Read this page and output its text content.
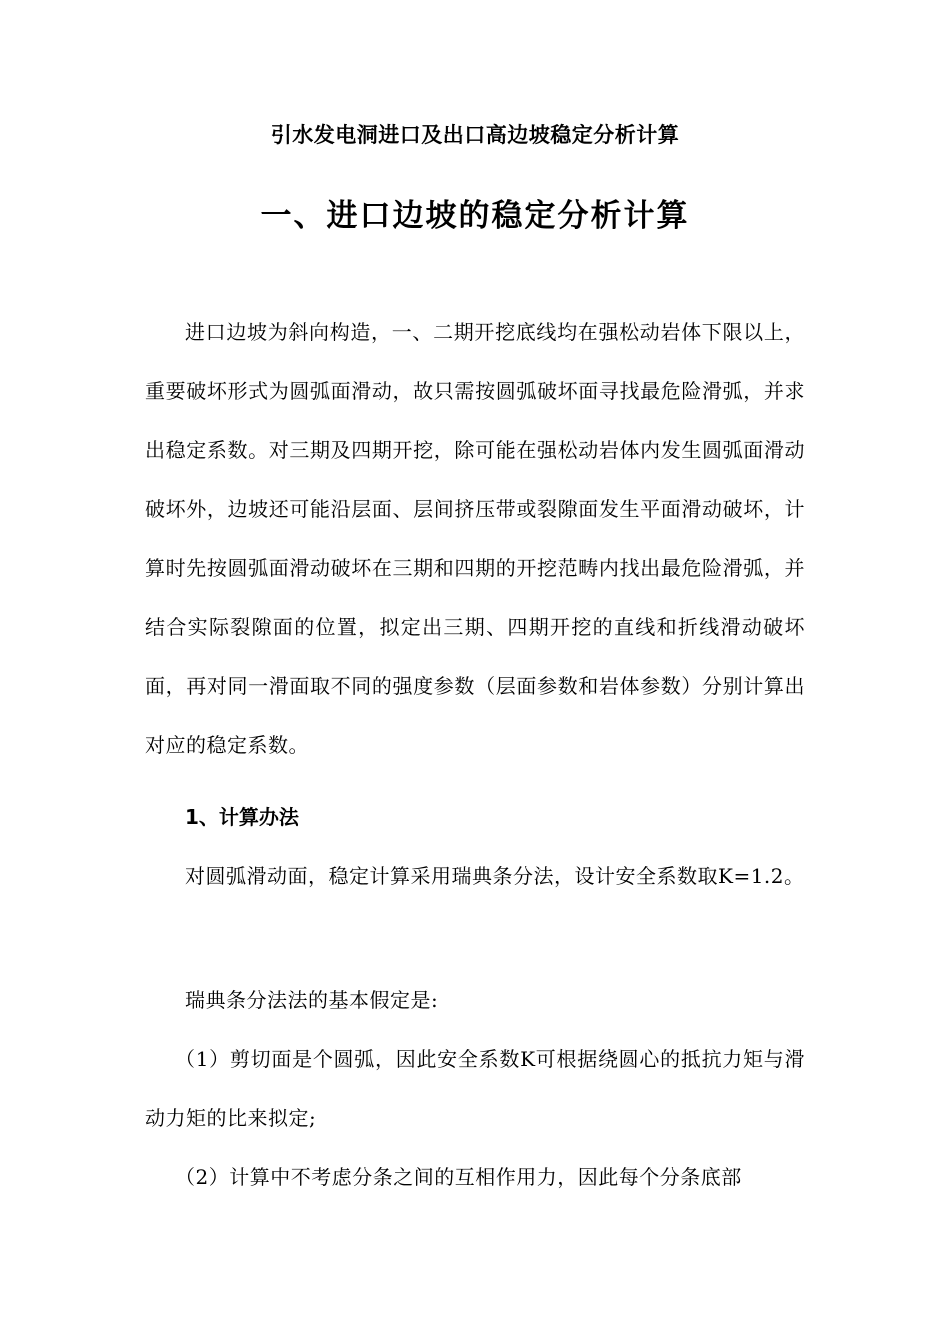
引水发电洞进口及出口高边坡稳定分析计算
一、进口边坡的稳定分析计算

进口边坡为斜向构造，一、二期开挖底线均在强松动岩体下限以上，重要破坏形式为圆弧面滑动，故只需按圆弧破坏面寻找最危险滑弧，并求出稳定系数。对三期及四期开挖，除可能在强松动岩体内发生圆弧面滑动破坏外，边坡还可能沿层面、层间挤压带或裂隙面发生平面滑动破坏，计算时先按圆弧面滑动破坏在三期和四期的开挖范畴内找出最危险滑弧，并结合实际裂隙面的位置，拟定出三期、四期开挖的直线和折线滑动破坏面，再对同一滑面取不同的强度参数（层面参数和岩体参数）分别计算出对应的稳定系数。

1、计算办法

对圆弧滑动面，稳定计算采用瑞典条分法，设计安全系数取K=1.2。

瑞典条分法法的基本假定是:

（1）剪切面是个圆弧，因此安全系数K可根据绕圆心的抵抗力矩与滑动力矩的比来拟定;

（2）计算中不考虑分条之间的互相作用力，因此每个分条底部
